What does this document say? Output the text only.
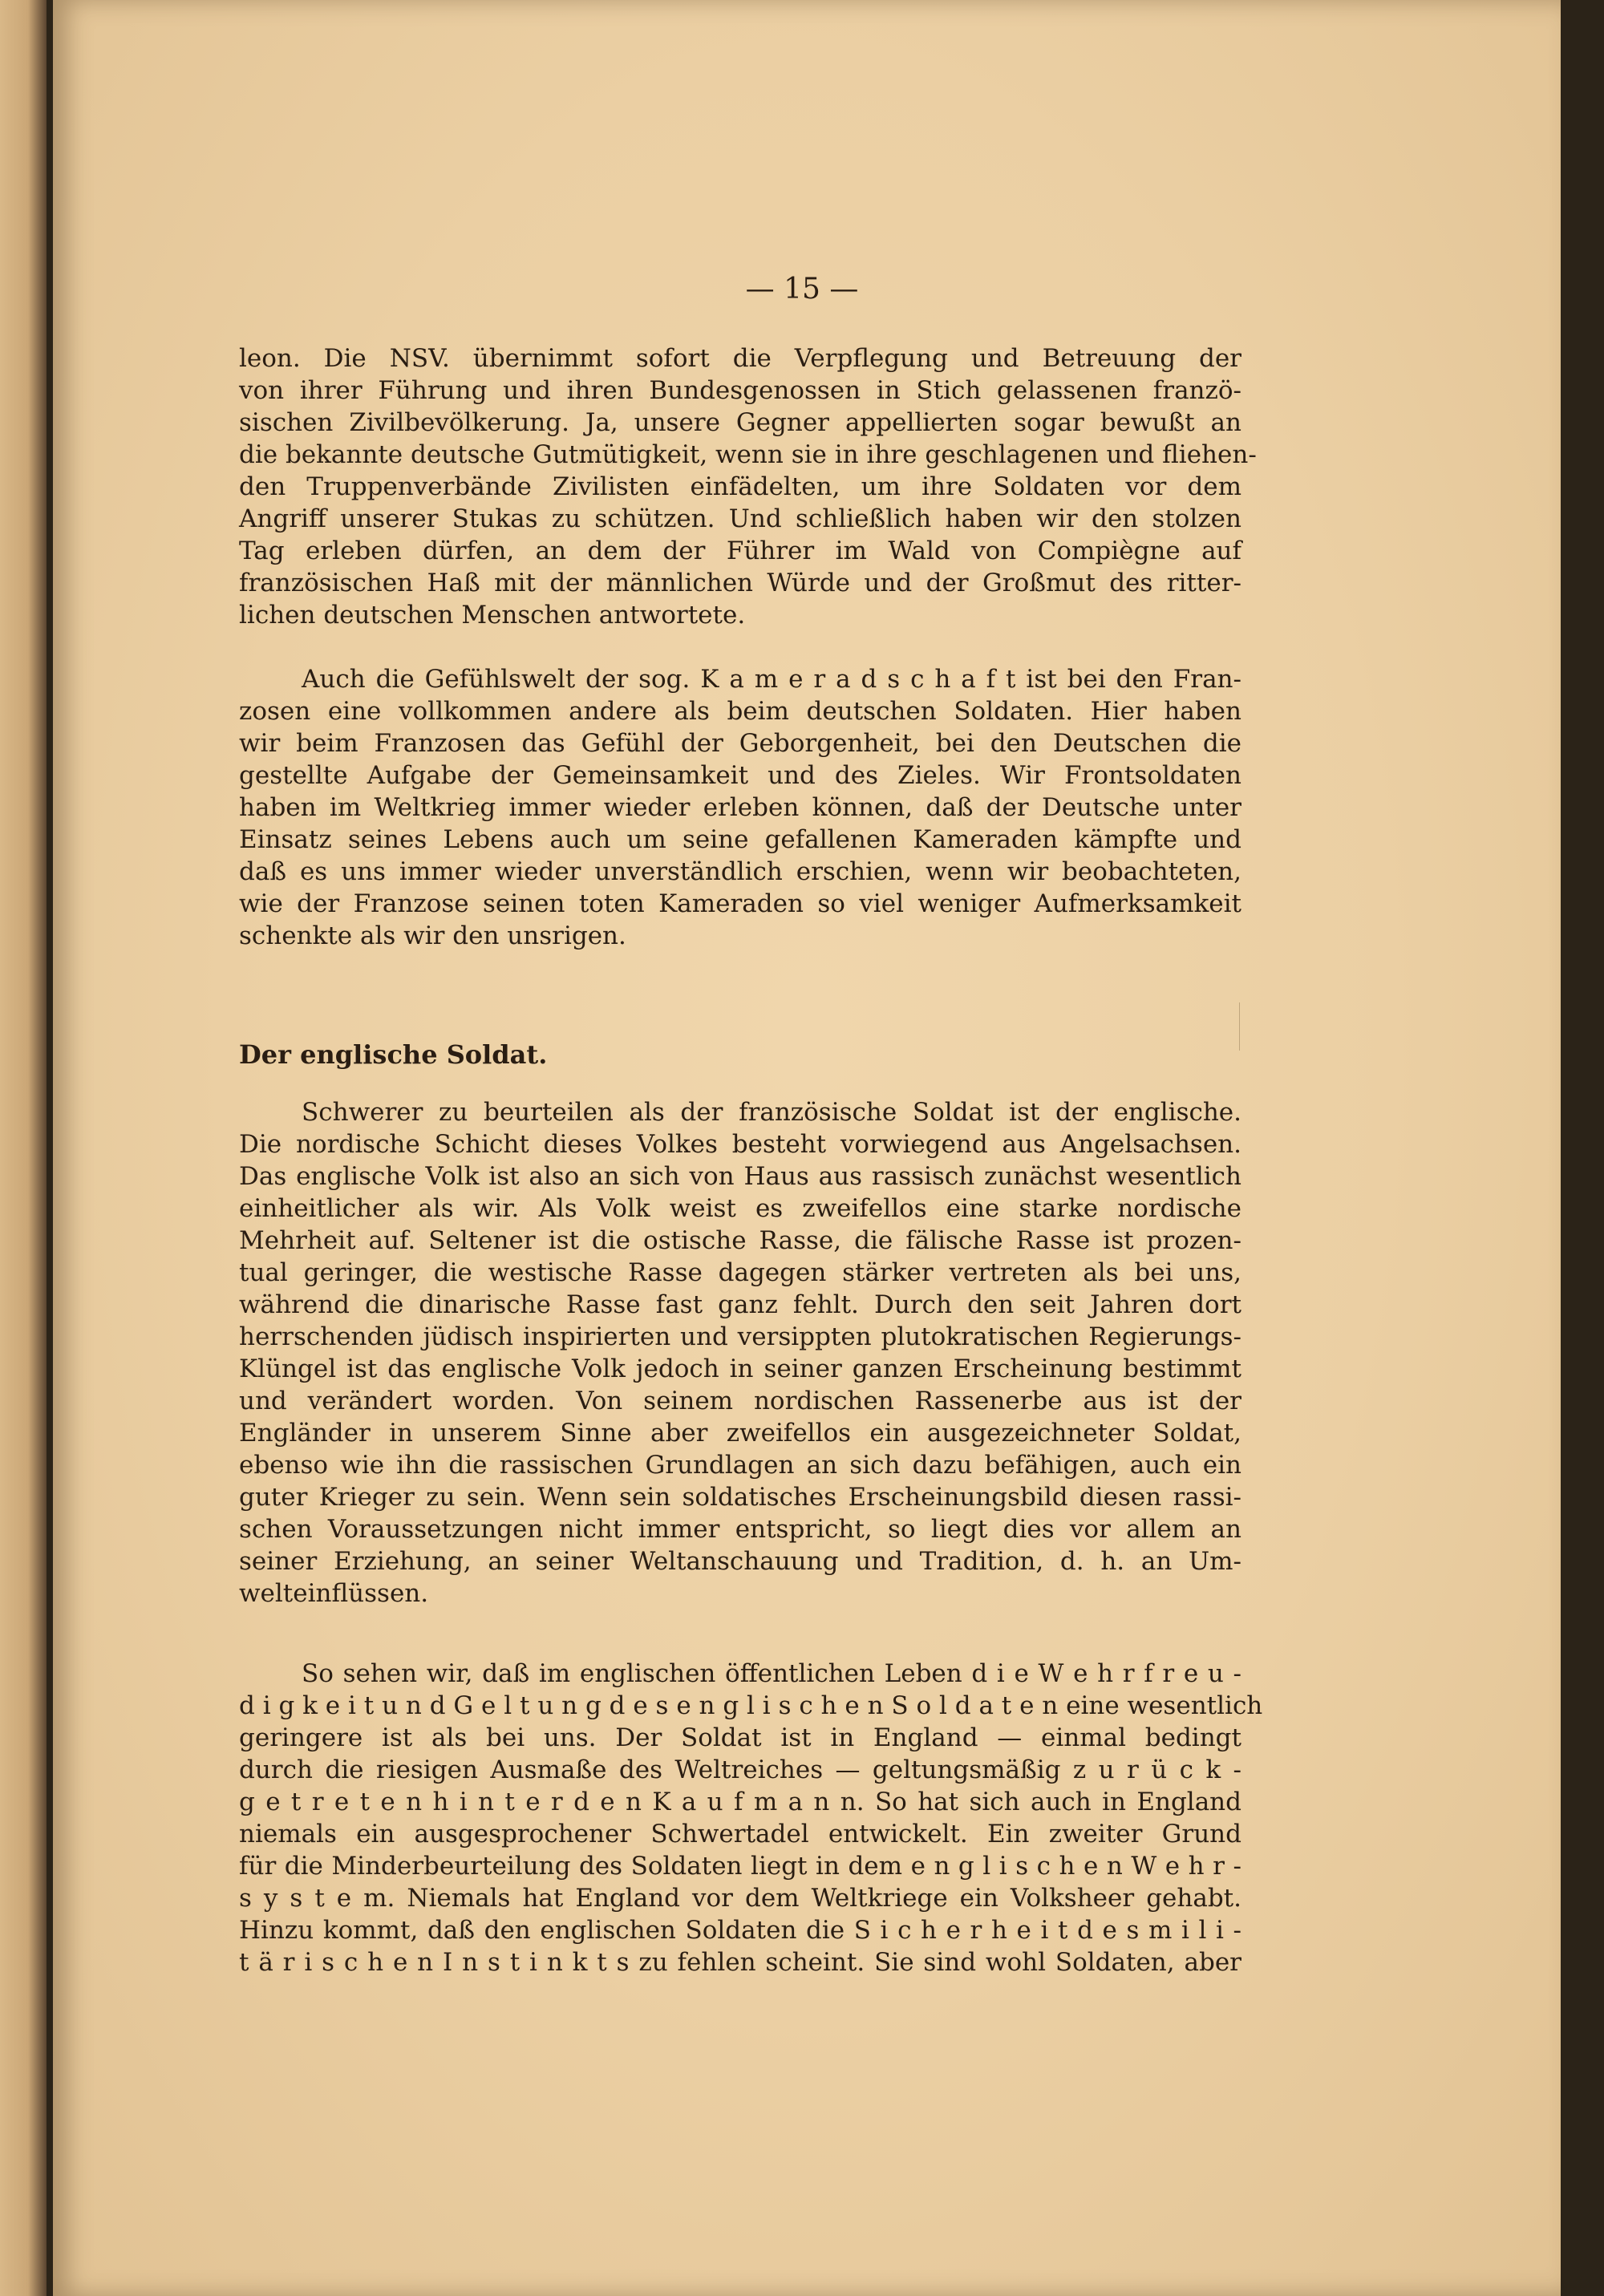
— 15 —
leon. Die NSV. übernimmt sofort die Verpflegung und Betreuung der
von ihrer Führung und ihren Bundesgenossen in Stich gelassenen franzö-
sischen Zivilbevölkerung. Ja, unsere Gegner appellierten sogar bewußt an
die bekannte deutsche Gutmütigkeit, wenn sie in ihre geschlagenen und fliehen-
den Truppenverbände Zivilisten einfädelten, um ihre Soldaten vor dem
Angriff unserer Stukas zu schützen. Und schließlich haben wir den stolzen
Tag erleben dürfen, an dem der Führer im Wald von Compiègne auf
französischen Haß mit der männlichen Würde und der Großmut des ritter-
lichen deutschen Menschen antwortete.
Auch die Gefühlswelt der sog. K a m e r a d s c h a f t ist bei den Fran-
zosen eine vollkommen andere als beim deutschen Soldaten. Hier haben
wir beim Franzosen das Gefühl der Geborgenheit, bei den Deutschen die
gestellte Aufgabe der Gemeinsamkeit und des Zieles. Wir Frontsoldaten
haben im Weltkrieg immer wieder erleben können, daß der Deutsche unter
Einsatz seines Lebens auch um seine gefallenen Kameraden kämpfte und
daß es uns immer wieder unverständlich erschien, wenn wir beobachteten,
wie der Franzose seinen toten Kameraden so viel weniger Aufmerksamkeit
schenkte als wir den unsrigen.
Der englische Soldat.
Schwerer zu beurteilen als der französische Soldat ist der englische.
Die nordische Schicht dieses Volkes besteht vorwiegend aus Angelsachsen.
Das englische Volk ist also an sich von Haus aus rassisch zunächst wesentlich
einheitlicher als wir. Als Volk weist es zweifellos eine starke nordische
Mehrheit auf. Seltener ist die ostische Rasse, die fälische Rasse ist prozen-
tual geringer, die westische Rasse dagegen stärker vertreten als bei uns,
während die dinarische Rasse fast ganz fehlt. Durch den seit Jahren dort
herrschenden jüdisch inspirierten und versippten plutokratischen Regierungs-
Klüngel ist das englische Volk jedoch in seiner ganzen Erscheinung bestimmt
und verändert worden. Von seinem nordischen Rassenerbe aus ist der
Engländer in unserem Sinne aber zweifellos ein ausgezeichneter Soldat,
ebenso wie ihn die rassischen Grundlagen an sich dazu befähigen, auch ein
guter Krieger zu sein. Wenn sein soldatisches Erscheinungsbild diesen rassi-
schen Voraussetzungen nicht immer entspricht, so liegt dies vor allem an
seiner Erziehung, an seiner Weltanschauung und Tradition, d. h. an Um-
welteinflüssen.
So sehen wir, daß im englischen öffentlichen Leben d i e W e h r f r e u -
d i g k e i t u n d G e l t u n g d e s e n g l i s c h e n S o l d a t e n eine wesentlich
geringere ist als bei uns. Der Soldat ist in England — einmal bedingt
durch die riesigen Ausmaße des Weltreiches — geltungsmäßig z u r ü c k -
g e t r e t e n h i n t e r d e n K a u f m a n n. So hat sich auch in England
niemals ein ausgesprochener Schwertadel entwickelt. Ein zweiter Grund
für die Minderbeurteilung des Soldaten liegt in dem e n g l i s c h e n W e h r -
s y s t e m. Niemals hat England vor dem Weltkriege ein Volksheer gehabt.
Hinzu kommt, daß den englischen Soldaten die S i c h e r h e i t d e s m i l i -
t ä r i s c h e n I n s t i n k t s zu fehlen scheint. Sie sind wohl Soldaten, aber
